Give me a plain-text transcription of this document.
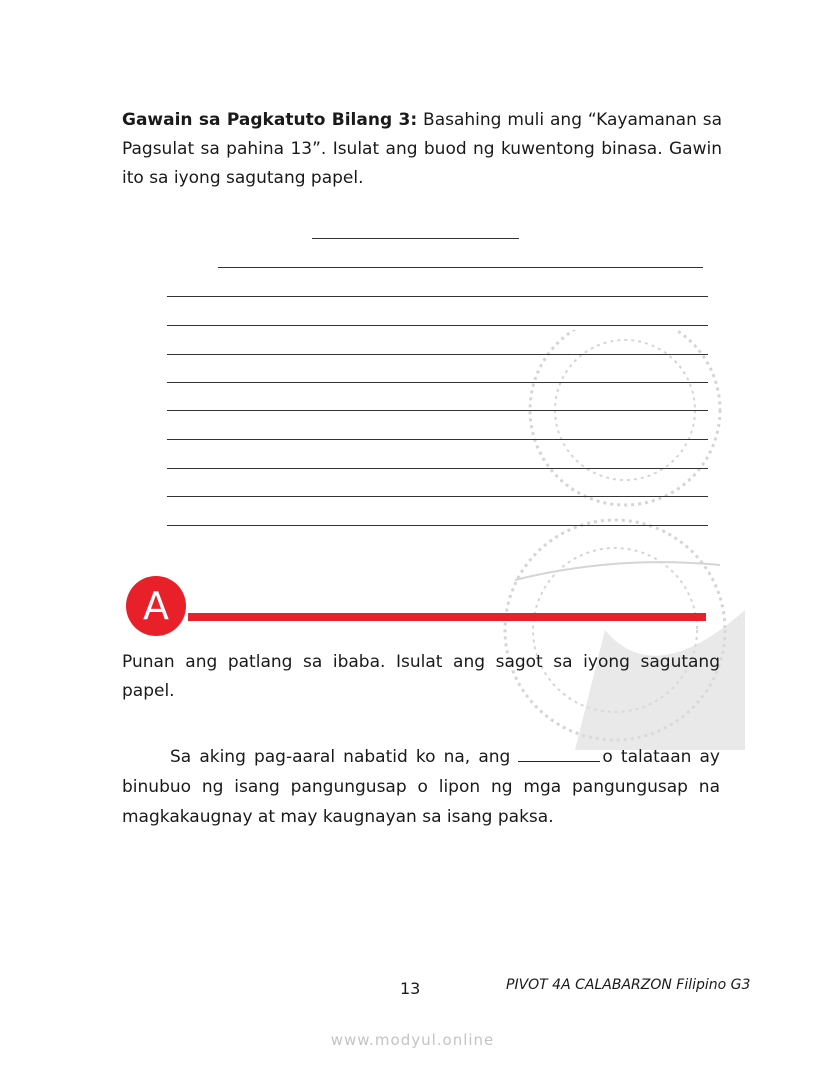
Gawain sa Pagkatuto Bilang 3: Basahing muli ang “Kayamanan sa Pagsulat sa pahina 13”. Isulat ang buod ng kuwentong binasa. Gawin ito sa iyong sagutang papel.
A
Punan ang patlang sa ibaba. Isulat ang sagot sa iyong sagutang papel.
Sa aking pag-aaral nabatid ko na, ang	o talataan ay binubuo ng isang pangungusap o lipon ng mga pangungusap na magkakaugnay at may kaugnayan sa isang paksa.
13	PIVOT 4A CALABARZON Filipino G3
www.modyul.online
